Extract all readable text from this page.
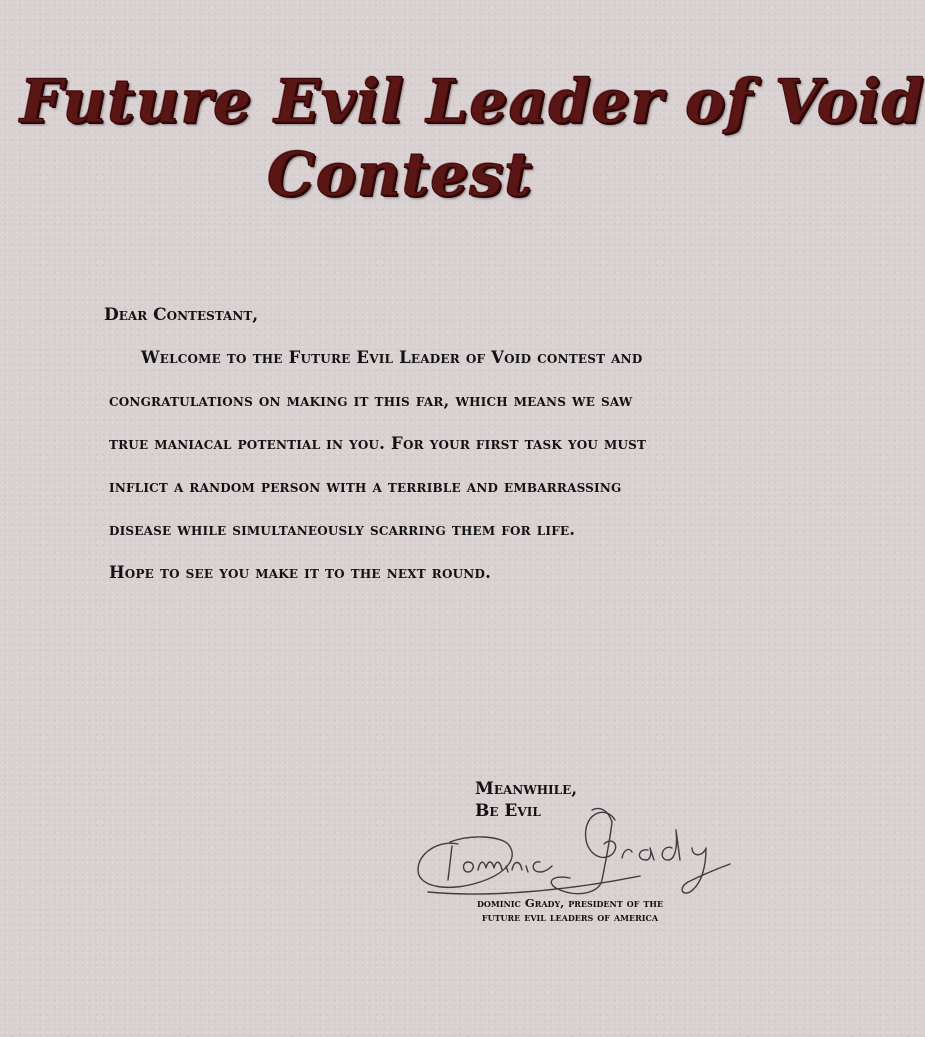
Future Evil Leader of Void
Contest
Dear Contestant,
Welcome to the Future Evil Leader of Void contest and
congratulations on making it this far, which means we saw
true maniacal potential in you. For your first task you must
inflict a random person with a terrible and embarrassing
disease while simultaneously scarring them for life.
Hope to see you make it to the next round.
Meanwhile,
Be Evil
dominic Grady, president of the
future evil leaders of america
